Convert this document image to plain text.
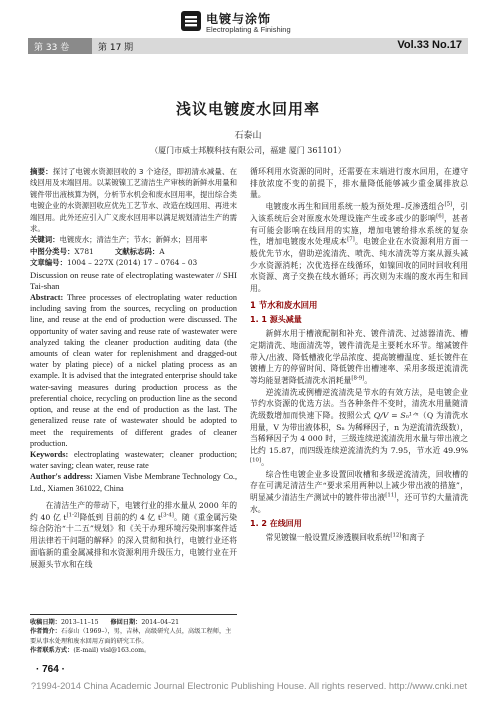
电镀与涂饰
Electroplating & Finishing
第 33 卷	第 17 期	Vol.33 No.17
浅议电镀废水回用率
石泰山
（厦门市威士邦膜科技有限公司，福建 厦门 361101）

摘要：探讨了电镀水资源回收的 3 个途径，即初清水减量、在线回用及末端回用。以某镀镍工艺清洁生产审核的新鲜水用量和镀件带出液核算为例，分析节水机会和废水回用率，提出综合类电镀企业的水资源回收应优先工艺节水、改造在线回用、再进末端回用。此外还应引入广义废水回用率以满足规划清洁生产的需求。

关键词：电镀废水；清洁生产；节水；新鲜水；回用率

中图分类号：X781	文献标志码：A

文章编号：1004 – 227X (2014) 17 – 0764 – 03

Discussion on reuse rate of electroplating wastewater // SHI Tai-shan

Abstract: Three processes of electroplating water reduction including saving from the sources, recycling on production line, and reuse at the end of production were discussed. The opportunity of water saving and reuse rate of wastewater were analyzed taking the cleaner production auditing data (the amounts of clean water for replenishment and dragged-out water by plating piece) of a nickel plating process as an example. It is advised that the integrated enterprise should take water-saving measures during production process as the preferential choice, recycling on production line as the second option, and reuse at the end of production as the last. The generalized reuse rate of wastewater should be adopted to meet the requirements of different grades of cleaner production.

Keywords: electroplating wastewater; cleaner production; water saving; clean water, reuse rate

Author's address: Xiamen Visbe Membrane Technology Co., Ltd., Xiamen 361022, China

在清洁生产的带动下，电镀行业的排水量从 2000 年的约 40 亿 t[1-2]降低到 目前的约 4 亿 t[3-4]。随《重金属污染综合防治“十二五”规划》和《关于办理环境污染刑事案件适用法律若干问题的解释》的深入贯彻和执行，电镀行业还将面临新的重金属减排和水资源利用升级压力，电镀行业在开展源头节水和在线

循环利用水资源的同时，还需要在末端进行废水回用，在遵守排放浓度不变的前提下，排水量降低能够减少重金属排放总量。

电镀废水再生和回用系统一般为预处理–反渗透组合[5]，引入该系统后会对原废水处理设施产生或多或少的影响[6]，甚者有可能会影响在线回用的实施，增加电镀给排水系统的复杂性，增加电镀废水处理成本[7]。电镀企业在水资源利用方面一般优先节水，借助逆流清洗、喷洗、纯水清洗等方案从源头减少水资源消耗；次优选择在线循环，如镍回收的同时回收利用水资源、离子交换在线水循环；再次则为末端的废水再生和回用。

1 节水和废水回用
1. 1 源头减量

新鲜水用于槽液配制和补充、镀件清洗、过滤器清洗、槽定期清洗、地面清洗等，镀件清洗是主要耗水环节。缩减镀件带入/出液、降低槽液化学品浓度、提高镀槽温度、延长镀件在镀槽上方的停留时间、降低镀件出槽速率、采用多级逆流清洗等均能显著降低清洗水消耗量[8-9]。

逆流清洗或例槽逆流清洗是节水的有效方法，是电镀企业节约水资源的优选方法。当各种条件不变时，清洗水用量随清洗级数增加而快速下降。按照公式 Q/V = Sₙ¹ᐟⁿ（Q 为清洗水用量，V 为带出液体积，Sₙ 为稀释因子，n 为逆流清洗级数），当稀释因子为 4 000 时，三级连续逆流清洗用水量与带出液之比约 15.87，而四级连续逆流清洗约为 7.95，节水近 49.9%[10]。

综合性电镀企业多设置回收槽和多级逆流清洗，回收槽的存在可满足清洁生产“要求采用两种以上减少带出液的措施”，明显减少清洁生产测试中的镀件带出液[11]，还可节约大量清洗水。

1. 2 在线回用

常见镀镍一般设置反渗透膜回收系统[12]和离子

收稿日期：2013–11–15 修回日期：2014–04–21
作者简介：石泰山（1969–），男，吉林，高级研究人员，高级工程师，主要从事水处理和废水回用方面的研究工作。
作者联系方式：(E-mail) visl@163.com。
· 764 ·
?1994-2014 China Academic Journal Electronic Publishing House. All rights reserved. http://www.cnki.net
